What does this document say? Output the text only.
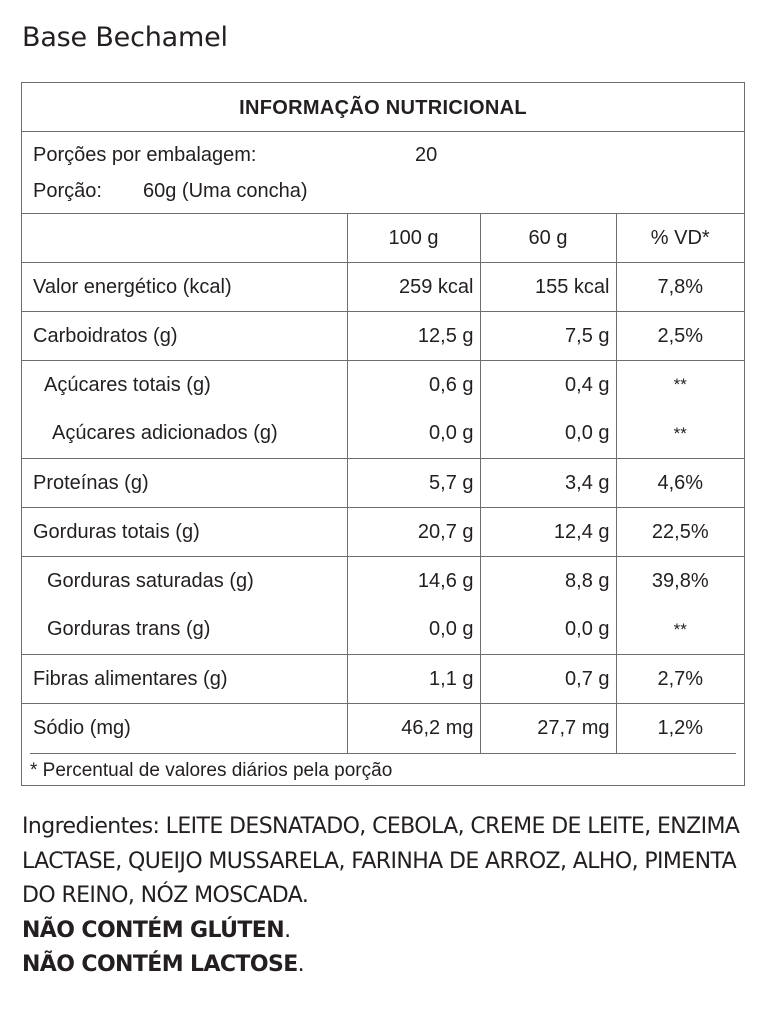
Base Bechamel
INFORMAÇÃO NUTRICIONAL
Porções por embalagem:	20
Porção: 60g (Uma concha)
	100 g	60 g	% VD*
Valor energético (kcal)	259 kcal	155 kcal	7,8%
Carboidratos (g)	12,5 g	7,5 g	2,5%
Açúcares totais (g)	0,6 g	0,4 g	**
Açúcares adicionados (g)	0,0 g	0,0 g	**
Proteínas (g)	5,7 g	3,4 g	4,6%
Gorduras totais (g)	20,7 g	12,4 g	22,5%
Gorduras saturadas (g)	14,6 g	8,8 g	39,8%
Gorduras trans (g)	0,0 g	0,0 g	**
Fibras alimentares (g)	1,1 g	0,7 g	2,7%
Sódio (mg)	46,2 mg	27,7 mg	1,2%
* Percentual de valores diários pela porção
Ingredientes: LEITE DESNATADO, CEBOLA, CREME DE LEITE, ENZIMA LACTASE, QUEIJO MUSSARELA, FARINHA DE ARROZ, ALHO, PIMENTA DO REINO, NÓZ MOSCADA.
NÃO CONTÉM GLÚTEN.
NÃO CONTÉM LACTOSE.
